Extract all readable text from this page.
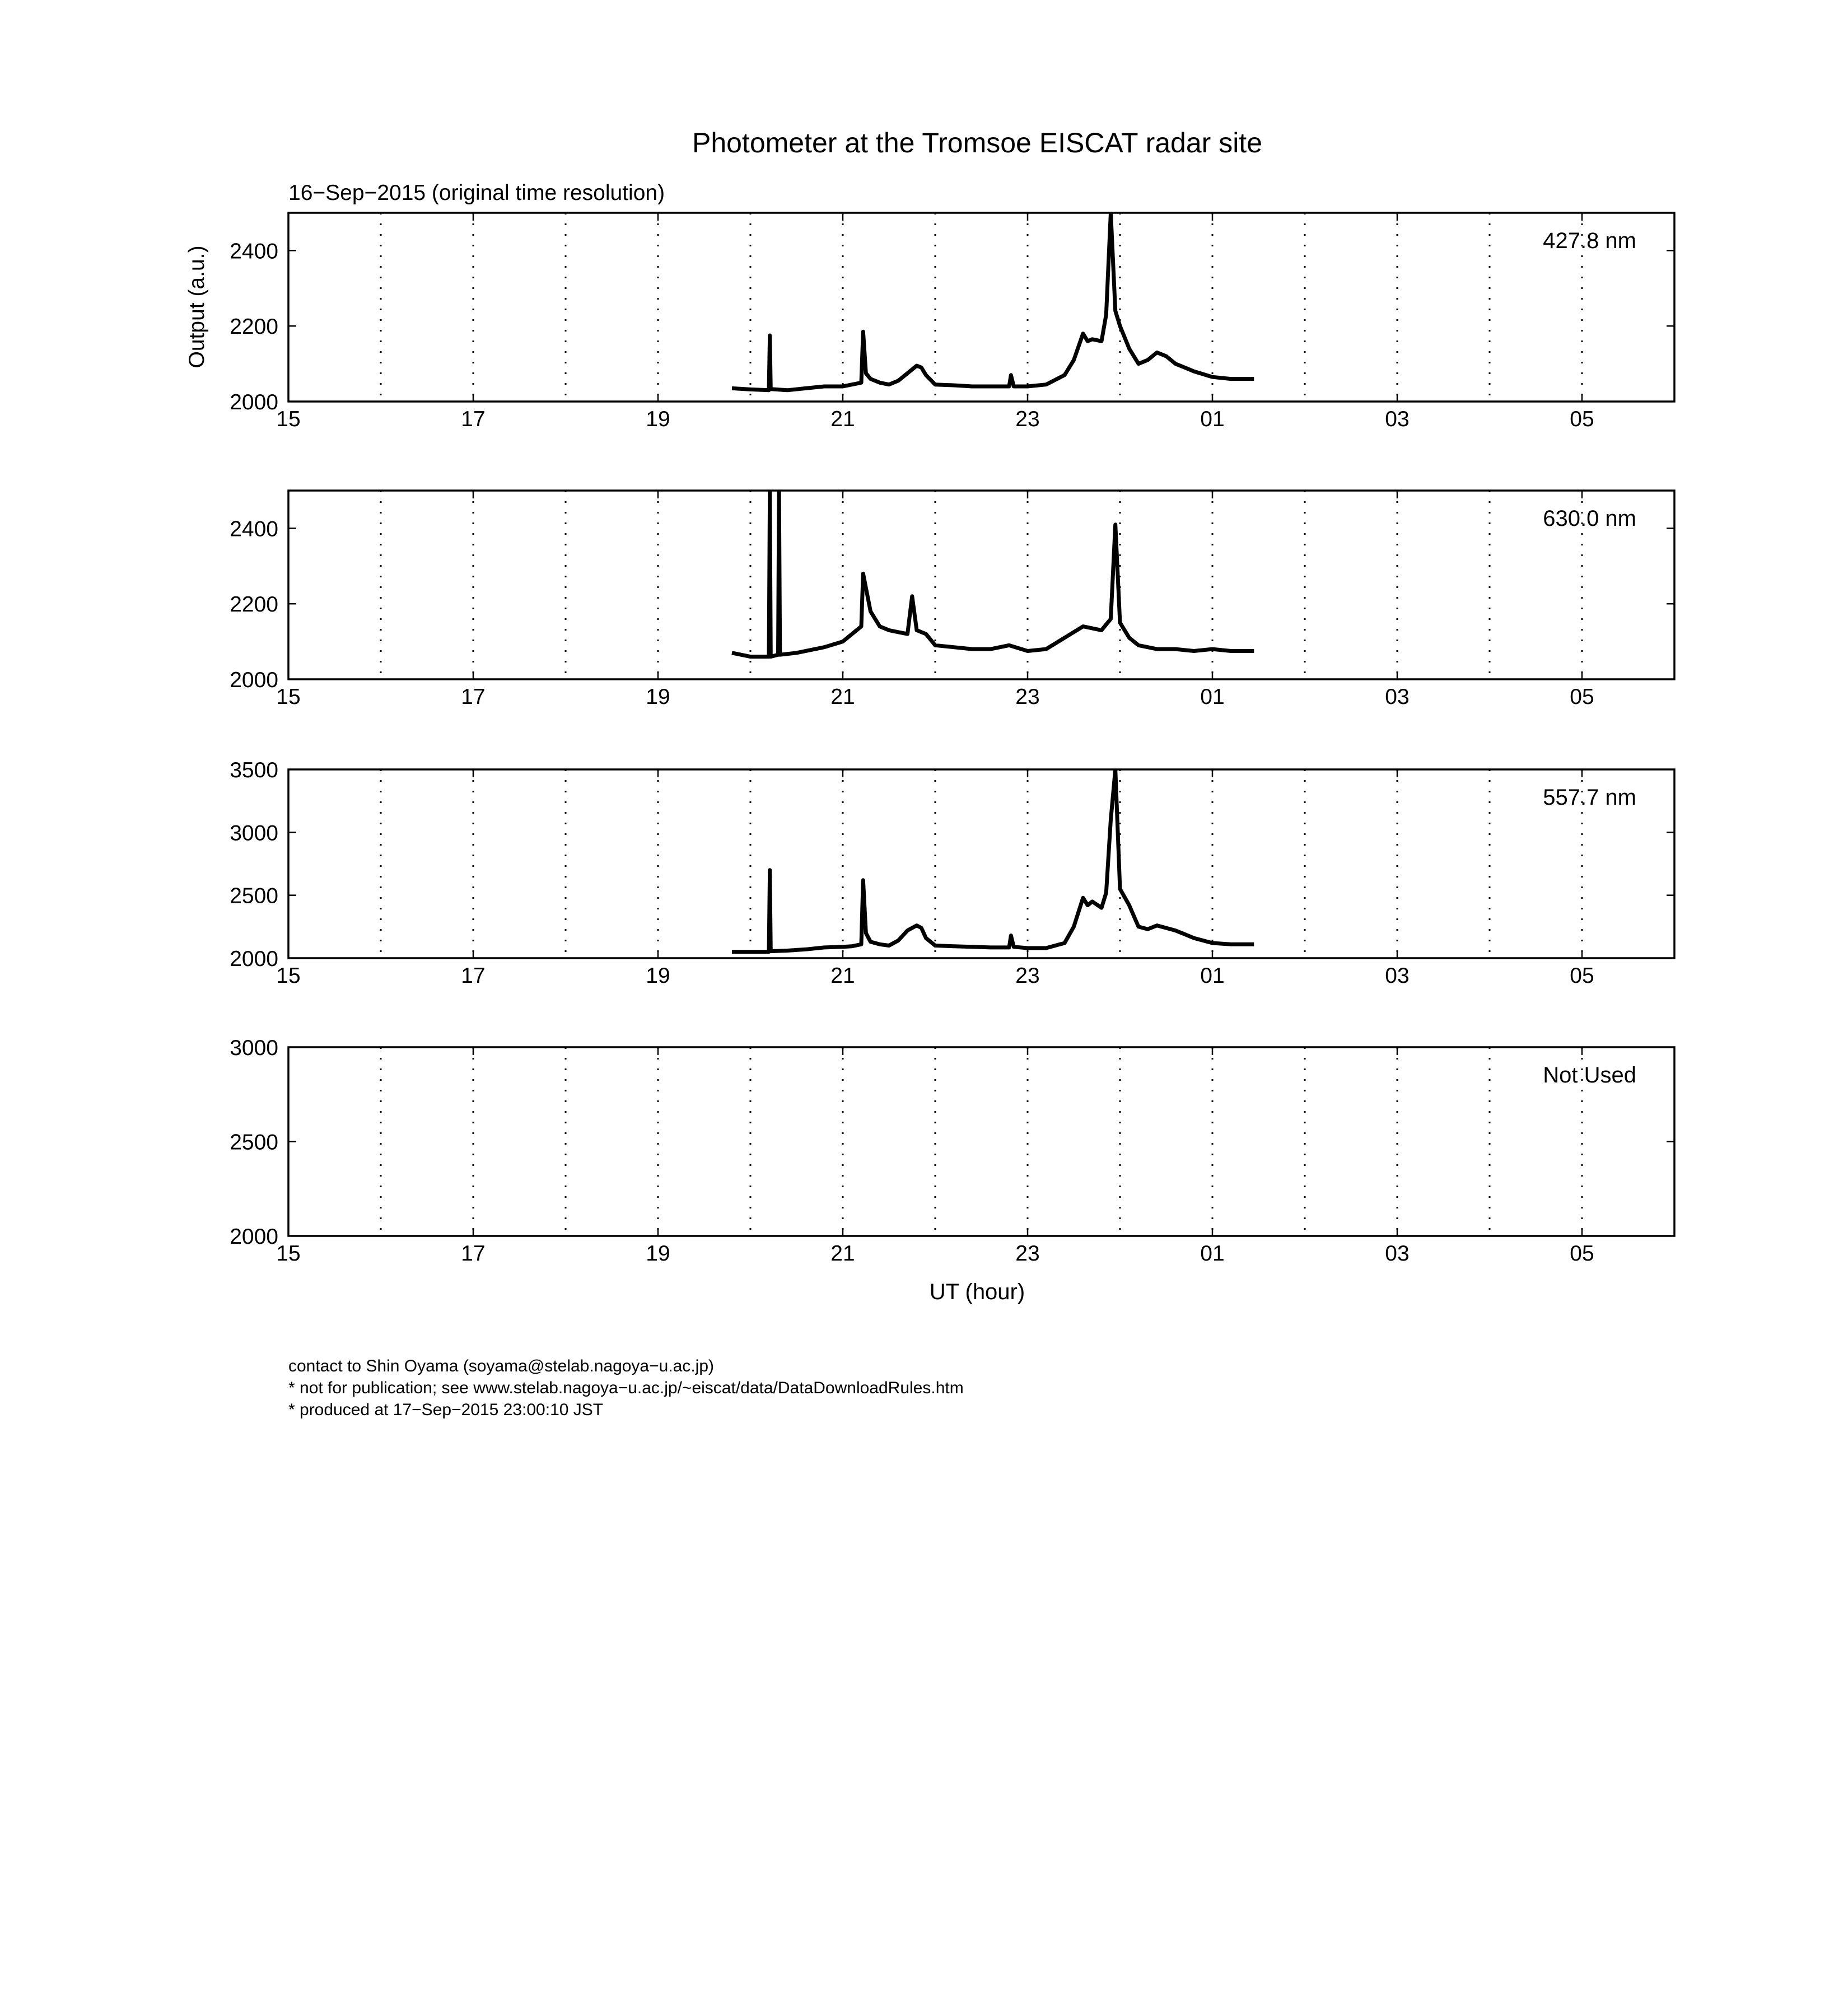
Photometer at the Tromsoe EISCAT radar site
16−Sep−2015 (original time resolution)
Output (a.u.)
UT (hour)
15	17	19	21	23	01	03	05
2000
2200
2400	427.8 nm
15	17	19	21	23	01	03	05
2000
2200
2400	630.0 nm
15	17	19	21	23	01	03	05
2000
2500
3000
3500
557.7 nm
15	17	19	21	23	01	03	05
2000
2500
3000
Not Used
contact to Shin Oyama (soyama@stelab.nagoya−u.ac.jp)
* not for publication; see www.stelab.nagoya−u.ac.jp/~eiscat/data/DataDownloadRules.htm
* produced at 17−Sep−2015 23:00:10 JST
